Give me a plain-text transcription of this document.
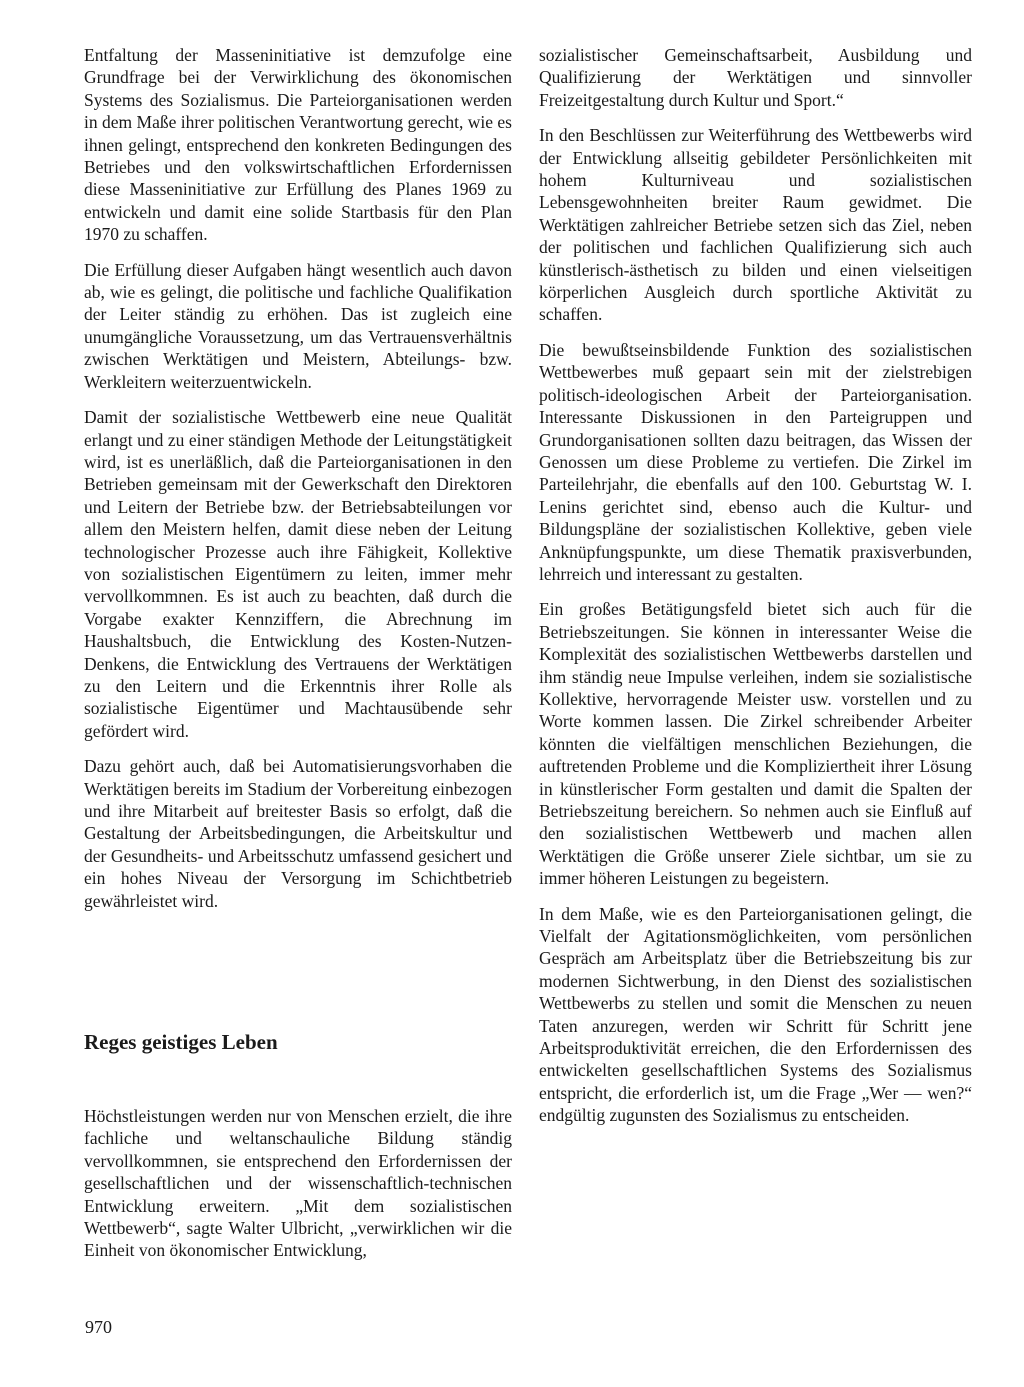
Entfaltung der Masseninitiative ist demzufolge eine Grundfrage bei der Verwirklichung des ökonomischen Systems des Sozialismus. Die Parteiorganisationen werden in dem Maße ihrer politischen Verantwortung gerecht, wie es ihnen gelingt, entsprechend den konkreten Bedingungen des Betriebes und den volkswirtschaftlichen Erfordernissen diese Masseninitiative zur Erfüllung des Planes 1969 zu entwickeln und damit eine solide Startbasis für den Plan 1970 zu schaffen.

Die Erfüllung dieser Aufgaben hängt wesentlich auch davon ab, wie es gelingt, die politische und fachliche Qualifikation der Leiter ständig zu erhöhen. Das ist zugleich eine unumgängliche Voraussetzung, um das Vertrauensverhältnis zwischen Werktätigen und Meistern, Abteilungs- bzw. Werkleitern weiterzuentwickeln.

Damit der sozialistische Wettbewerb eine neue Qualität erlangt und zu einer ständigen Methode der Leitungstätigkeit wird, ist es unerläßlich, daß die Parteiorganisationen in den Betrieben gemeinsam mit der Gewerkschaft den Direktoren und Leitern der Betriebe bzw. der Betriebsabteilungen vor allem den Meistern helfen, damit diese neben der Leitung technologischer Prozesse auch ihre Fähigkeit, Kollektive von sozialistischen Eigentümern zu leiten, immer mehr vervollkommnen. Es ist auch zu beachten, daß durch die Vorgabe exakter Kennziffern, die Abrechnung im Haushaltsbuch, die Entwicklung des Kosten-Nutzen-Denkens, die Entwicklung des Vertrauens der Werktätigen zu den Leitern und die Erkenntnis ihrer Rolle als sozialistische Eigentümer und Machtausübende sehr gefördert wird.

Dazu gehört auch, daß bei Automatisierungsvorhaben die Werktätigen bereits im Stadium der Vorbereitung einbezogen und ihre Mitarbeit auf breitester Basis so erfolgt, daß die Gestaltung der Arbeitsbedingungen, die Arbeitskultur und der Gesundheits- und Arbeitsschutz umfassend gesichert und ein hohes Niveau der Versorgung im Schichtbetrieb gewährleistet wird.

Reges geistiges Leben

Höchstleistungen werden nur von Menschen erzielt, die ihre fachliche und weltanschauliche Bildung ständig vervollkommnen, sie entsprechend den Erfordernissen der gesellschaftlichen und der wissenschaftlich-technischen Entwicklung erweitern. „Mit dem sozialistischen Wettbewerb“, sagte Walter Ulbricht, „verwirklichen wir die Einheit von ökonomischer Entwicklung,

sozialistischer Gemeinschaftsarbeit, Ausbildung und Qualifizierung der Werktätigen und sinnvoller Freizeitgestaltung durch Kultur und Sport.“

In den Beschlüssen zur Weiterführung des Wettbewerbs wird der Entwicklung allseitig gebildeter Persönlichkeiten mit hohem Kulturniveau und sozialistischen Lebensgewohnheiten breiter Raum gewidmet. Die Werktätigen zahlreicher Betriebe setzen sich das Ziel, neben der politischen und fachlichen Qualifizierung sich auch künstlerisch-ästhetisch zu bilden und einen vielseitigen körperlichen Ausgleich durch sportliche Aktivität zu schaffen.

Die bewußtseinsbildende Funktion des sozialistischen Wettbewerbes muß gepaart sein mit der zielstrebigen politisch-ideologischen Arbeit der Parteiorganisation. Interessante Diskussionen in den Parteigruppen und Grundorganisationen sollten dazu beitragen, das Wissen der Genossen um diese Probleme zu vertiefen. Die Zirkel im Parteilehrjahr, die ebenfalls auf den 100. Geburtstag W. I. Lenins gerichtet sind, ebenso auch die Kultur- und Bildungspläne der sozialistischen Kollektive, geben viele Anknüpfungspunkte, um diese Thematik praxisverbunden, lehrreich und interessant zu gestalten.

Ein großes Betätigungsfeld bietet sich auch für die Betriebszeitungen. Sie können in interessanter Weise die Komplexität des sozialistischen Wettbewerbs darstellen und ihm ständig neue Impulse verleihen, indem sie sozialistische Kollektive, hervorragende Meister usw. vorstellen und zu Worte kommen lassen. Die Zirkel schreibender Arbeiter könnten die vielfältigen menschlichen Beziehungen, die auftretenden Probleme und die Kompliziertheit ihrer Lösung in künstlerischer Form gestalten und damit die Spalten der Betriebszeitung bereichern. So nehmen auch sie Einfluß auf den sozialistischen Wettbewerb und machen allen Werktätigen die Größe unserer Ziele sichtbar, um sie zu immer höheren Leistungen zu begeistern.

In dem Maße, wie es den Parteiorganisationen gelingt, die Vielfalt der Agitationsmöglichkeiten, vom persönlichen Gespräch am Arbeitsplatz über die Betriebszeitung bis zur modernen Sichtwerbung, in den Dienst des sozialistischen Wettbewerbs zu stellen und somit die Menschen zu neuen Taten anzuregen, werden wir Schritt für Schritt jene Arbeitsproduktivität erreichen, die den Erfordernissen des entwickelten gesellschaftlichen Systems des Sozialismus entspricht, die erforderlich ist, um die Frage „Wer — wen?“ endgültig zugunsten des Sozialismus zu entscheiden.

970
